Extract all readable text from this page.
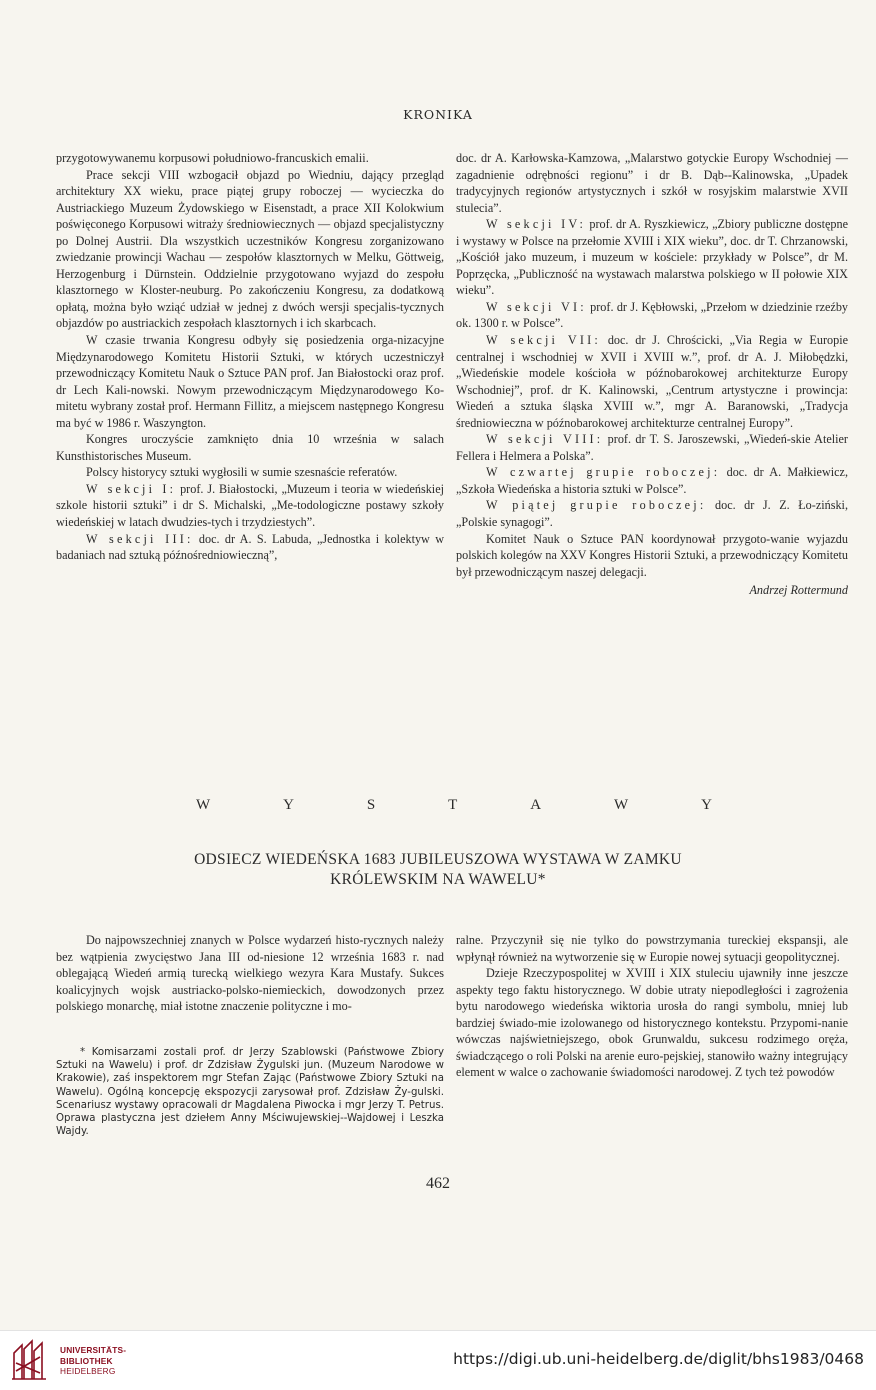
KRONIKA

przygotowywanemu korpusowi południowo-francuskich emalii.

Prace sekcji VIII wzbogacił objazd po Wiedniu, dający przegląd architektury XX wieku, prace piątej grupy roboczej — wycieczka do Austriackiego Muzeum Żydowskiego w Eisenstadt, a prace XII Kolokwium poświęconego Korpusowi witraży średniowiecznych — objazd specjalistyczny po Dolnej Austrii. Dla wszystkich uczestników Kongresu zorganizowano zwiedzanie prowincji Wachau — zespołów klasztornych w Melku, Göttweig, Herzogenburg i Dürnstein. Oddzielnie przygotowano wyjazd do zespołu klasztornego w Kloster-neuburg. Po zakończeniu Kongresu, za dodatkową opłatą, można było wziąć udział w jednej z dwóch wersji specjalis-tycznych objazdów po austriackich zespołach klasztornych i ich skarbcach.

W czasie trwania Kongresu odbyły się posiedzenia orga-nizacyjne Międzynarodowego Komitetu Historii Sztuki, w których uczestniczył przewodniczący Komitetu Nauk o Sztuce PAN prof. Jan Białostocki oraz prof. dr Lech Kali-nowski. Nowym przewodniczącym Międzynarodowego Ko-mitetu wybrany został prof. Hermann Fillitz, a miejscem następnego Kongresu ma być w 1986 r. Waszyngton.

Kongres uroczyście zamknięto dnia 10 września w salach Kunsthistorisches Museum.

Polscy historycy sztuki wygłosili w sumie szesnaście referatów.

W sekcji I: prof. J. Białostocki, „Muzeum i teoria w wiedeńskiej szkole historii sztuki” i dr S. Michalski, „Me-todologiczne postawy szkoły wiedeńskiej w latach dwudzies-tych i trzydziestych”.

W sekcji III: doc. dr A. S. Labuda, „Jednostka i kolektyw w badaniach nad sztuką późnośredniowieczną”,

doc. dr A. Karłowska-Kamzowa, „Malarstwo gotyckie Europy Wschodniej — zagadnienie odrębności regionu” i dr B. Dąb--Kalinowska, „Upadek tradycyjnych regionów artystycznych i szkół w rosyjskim malarstwie XVII stulecia”.

W sekcji IV: prof. dr A. Ryszkiewicz, „Zbiory publiczne dostępne i wystawy w Polsce na przełomie XVIII i XIX wieku”, doc. dr T. Chrzanowski, „Kościół jako muzeum, i muzeum w kościele: przykłady w Polsce”, dr M. Poprzęcka, „Publiczność na wystawach malarstwa polskiego w II połowie XIX wieku”.

W sekcji VI: prof. dr J. Kębłowski, „Przełom w dziedzinie rzeźby ok. 1300 r. w Polsce”.

W sekcji VII: doc. dr J. Chrościcki, „Via Regia w Europie centralnej i wschodniej w XVII i XVIII w.”, prof. dr A. J. Miłobędzki, „Wiedeńskie modele kościoła w późnobarokowej architekturze Europy Wschodniej”, prof. dr K. Kalinowski, „Centrum artystyczne i prowincja: Wiedeń a sztuka śląska XVIII w.”, mgr A. Baranowski, „Tradycja średniowieczna w późnobarokowej architekturze centralnej Europy”.

W sekcji VIII: prof. dr T. S. Jaroszewski, „Wiedeń-skie Atelier Fellera i Helmera a Polska”.

W czwartej grupie roboczej: doc. dr A. Małkiewicz, „Szkoła Wiedeńska a historia sztuki w Polsce”.

W piątej grupie roboczej: doc. dr J. Z. Ło-ziński, „Polskie synagogi”.

Komitet Nauk o Sztuce PAN koordynował przygoto-wanie wyjazdu polskich kolegów na XXV Kongres Historii Sztuki, a przewodniczący Komitetu był przewodniczącym naszej delegacji.

Andrzej Rottermund

W	Y	S	T	A	W	Y
ODSIECZ WIEDEŃSKA 1683 JUBILEUSZOWA WYSTAWA W ZAMKU
KRÓLEWSKIM NA WAWELU*

Do najpowszechniej znanych w Polsce wydarzeń histo-rycznych należy bez wątpienia zwycięstwo Jana III od-niesione 12 września 1683 r. nad oblegającą Wiedeń armią turecką wielkiego wezyra Kara Mustafy. Sukces koalicyjnych wojsk austriacko-polsko-niemieckich, dowodzonych przez polskiego monarchę, miał istotne znaczenie polityczne i mo-

* Komisarzami zostali prof. dr Jerzy Szablowski (Państwowe Zbiory Sztuki na Wawelu) i prof. dr Zdzisław Żygulski jun. (Muzeum Narodowe w Krakowie), zaś inspektorem mgr Stefan Zając (Państwowe Zbiory Sztuki na Wawelu). Ogólną koncepcję ekspozycji zarysował prof. Zdzisław Ży-gulski. Scenariusz wystawy opracowali dr Magdalena Piwocka i mgr Jerzy T. Petrus. Oprawa plastyczna jest dziełem Anny Mściwujewskiej--Wajdowej i Leszka Wajdy.

ralne. Przyczynił się nie tylko do powstrzymania tureckiej ekspansji, ale wpłynął również na wytworzenie się w Europie nowej sytuacji geopolitycznej.

Dzieje Rzeczypospolitej w XVIII i XIX stuleciu ujawniły inne jeszcze aspekty tego faktu historycznego. W dobie utraty niepodległości i zagrożenia bytu narodowego wiedeńska wiktoria urosła do rangi symbolu, mniej lub bardziej świado-mie izolowanego od historycznego kontekstu. Przypomi-nanie wówczas najświetniejszego, obok Grunwaldu, sukcesu rodzimego oręża, świadczącego o roli Polski na arenie euro-pejskiej, stanowiło ważny integrujący element w walce o zachowanie świadomości narodowej. Z tych też powodów

462
UNIVERSITÄTS-
BIBLIOTHEK
HEIDELBERG
https://digi.ub.uni-heidelberg.de/diglit/bhs1983/0468
